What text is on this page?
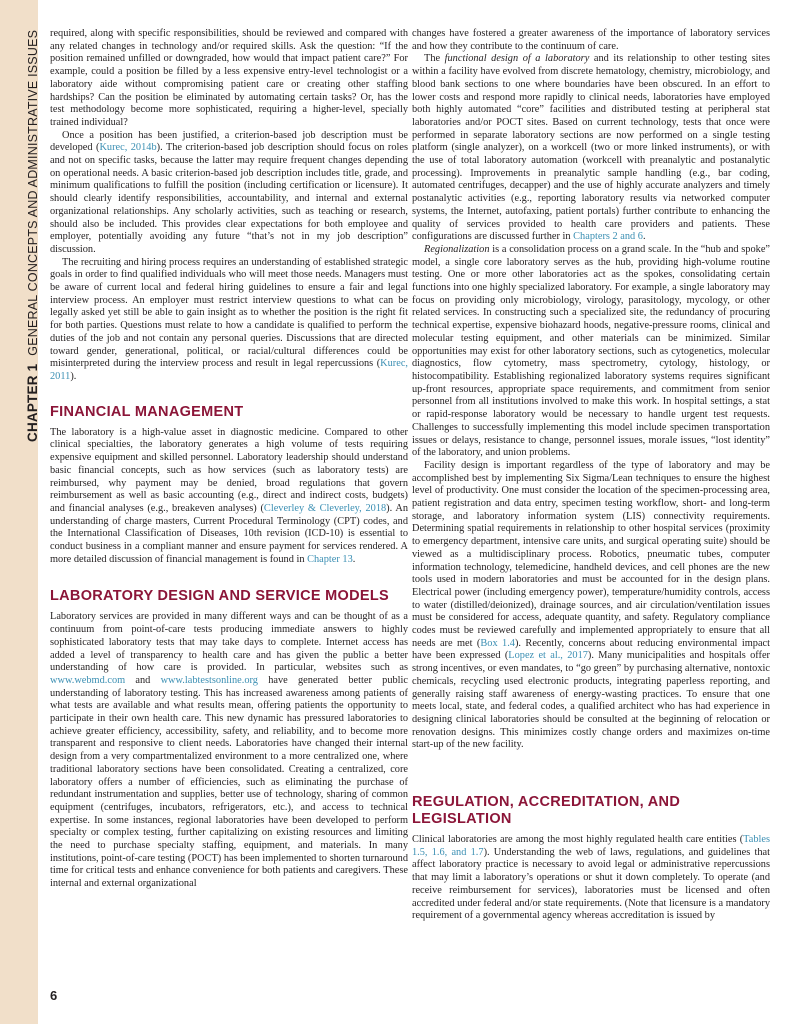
CHAPTER 1GENERAL CONCEPTS AND ADMINISTRATIVE ISSUES required, along with specific responsibilities, should be reviewed and compared with any related changes in technology and/or required skills. Ask the question: “If the position remained unfilled or downgraded, how would that impact patient care?” For example, could a position be filled by a less expensive entry-level technologist or a laboratory aide without compromising patient care or creating other staffing hardships? Can the position be eliminated by automating certain tasks? Or, has the test methodology become more sophisticated, requiring a higher-level, specially trained individual?

Once a position has been justified, a criterion-based job description must be developed (Kurec, 2014b). The criterion-based job description should focus on roles and not on specific tasks, because the latter may require frequent changes depending on operational needs. A basic criterion-based job description includes title, grade, and minimum qualifications to fulfill the position (including certification or licensure). It should clearly identify responsibilities, accountability, and internal and external organizational relationships. Any scholarly activities, such as teaching or research, should also be included. This provides clear expectations for both employee and employer, potentially avoiding any future “that’s not in my job description” discussion.

The recruiting and hiring process requires an understanding of established strategic goals in order to find qualified individuals who will meet those needs. Managers must be aware of current local and federal hiring guidelines to ensure a fair and legal interview process. An employer must restrict interview questions to what can be legally asked yet still be able to gain insight as to whether the position is the right fit for both parties. Questions must relate to how a candidate is qualified to perform the duties of the job and not contain any personal queries. Discussions that are directed toward gender, generational, political, or racial/cultural differences could be misinterpreted during the interview process and result in legal repercussions (Kurec, 2011).

FINANCIAL MANAGEMENT

The laboratory is a high-value asset in diagnostic medicine. Compared to other clinical specialties, the laboratory generates a high volume of tests requiring expensive equipment and skilled personnel. Laboratory leadership should understand basic financial concepts, such as how services (such as laboratory tests) are reimbursed, why payment may be denied, broad regulations that govern reimbursement as well as basic accounting (e.g., direct and indirect costs, budgets) and financial analyses (e.g., breakeven analyses) (Cleverley & Cleverley, 2018). An understanding of charge masters, Current Procedural Terminology (CPT) codes, and the International Classification of Diseases, 10th revision (ICD-10) is essential to conduct business in a compliant manner and ensure payment for services rendered. A more detailed discussion of financial management is found in Chapter 13.

LABORATORY DESIGN AND SERVICE MODELS

Laboratory services are provided in many different ways and can be thought of as a continuum from point-of-care tests producing immediate answers to highly sophisticated laboratory tests that may take days to complete. Internet access has added a level of transparency to health care and has given the public a better understanding of how care is provided. In particular, websites such as www.webmd.com and www.labtestsonline.org have generated better public understanding of laboratory testing. This has increased awareness among patients of what tests are available and what results mean, offering patients the opportunity to participate in their own health care. This new dynamic has pressured laboratories to achieve greater efficiency, accessibility, safety, and reliability, and to become more transparent and responsive to client needs. Laboratories have changed their internal design from a very compartmentalized environment to a more centralized one, where traditional laboratory sections have been consolidated. Creating a centralized, core laboratory offers a number of efficiencies, such as eliminating the purchase of redundant instrumentation and supplies, better use of technology, sharing of common equipment (centrifuges, incubators, refrigerators, etc.), and access to technical expertise. In some instances, regional laboratories have been developed to perform specialty or complex testing, further capitalizing on existing resources and limiting the need to purchase specialty staffing, equipment, and materials. In many institutions, point-of-care testing (POCT) has been implemented to shorten turnaround time for critical tests and enhance convenience for both patients and caregivers. These internal and external organizational

changes have fostered a greater awareness of the importance of laboratory services and how they contribute to the continuum of care.

The functional design of a laboratory and its relationship to other testing sites within a facility have evolved from discrete hematology, chemistry, microbiology, and blood bank sections to one where boundaries have been obscured. In an effort to lower costs and respond more rapidly to clinical needs, laboratories have employed both highly automated “core” facilities and distributed testing at peripheral stat laboratories and/or POCT sites. Based on current technology, tests that once were performed in separate laboratory sections are now performed on a single testing platform (single analyzer), on a workcell (two or more linked instruments), or with the use of total laboratory automation (workcell with preanalytic and postanalytic processing). Improvements in preanalytic sample handling (e.g., bar coding, automated centrifuges, decapper) and the use of highly accurate analyzers and timely postanalytic activities (e.g., reporting laboratory results via networked computer systems, the Internet, autofaxing, patient portals) further contribute to enhancing the quality of services provided to health care providers and patients. These configurations are discussed further in Chapters 2 and 6.

Regionalization is a consolidation process on a grand scale. In the “hub and spoke” model, a single core laboratory serves as the hub, providing high-volume routine testing. One or more other laboratories act as the spokes, consolidating certain functions into one highly specialized laboratory. For example, a single laboratory may focus on providing only microbiology, virology, parasitology, mycology, or other related services. In constructing such a specialized site, the redundancy of procuring technical expertise, expensive biohazard hoods, negative-pressure rooms, clinical and molecular testing equipment, and other materials can be minimized. Similar opportunities may exist for other laboratory sections, such as cytogenetics, molecular diagnostics, flow cytometry, mass spectrometry, cytology, histology, or histocompatibility. Establishing regionalized laboratory systems requires significant up-front resources, appropriate space requirements, and commitment from senior personnel from all institutions involved to make this work. In hospital settings, a stat or rapid-response laboratory would be necessary to handle urgent test requests. Challenges to successfully implementing this model include specimen transportation issues or delays, resistance to change, personnel issues, morale issues, “lost identity” of the laboratory, and union problems.

Facility design is important regardless of the type of laboratory and may be accomplished best by implementing Six Sigma/Lean techniques to ensure the highest level of productivity. One must consider the location of the specimen-processing area, patient registration and data entry, specimen testing workflow, short- and long-term storage, and laboratory information system (LIS) connectivity requirements. Determining spatial requirements in relationship to other hospital services (proximity to emergency department, intensive care units, and surgical operating suite) should be viewed as a multidisciplinary process. Robotics, pneumatic tubes, computer information technology, telemedicine, handheld devices, and cell phones are the new tools used in modern laboratories and must be accounted for in the design plans. Electrical power (including emergency power), temperature/humidity controls, access to water (distilled/deionized), drainage sources, and air circulation/ventilation issues must be considered for access, adequate quantity, and safety. Regulatory compliance codes must be reviewed carefully and implemented appropriately to ensure that all needs are met (Box 1.4). Recently, concerns about reducing environmental impact have been expressed (Lopez et al., 2017). Many municipalities and hospitals offer strong incentives, or even mandates, to “go green” by purchasing alternative, nontoxic chemicals, recycling used electronic products, integrating paperless reporting, and generally raising staff awareness of energy-wasting practices. To ensure that one meets local, state, and federal codes, a qualified architect who has had experience in designing clinical laboratories should be consulted at the beginning of relocation or renovation designs. This minimizes costly change orders and maximizes on-time start-up of the new facility.

REGULATION, ACCREDITATION, AND LEGISLATION

Clinical laboratories are among the most highly regulated health care entities (Tables 1.5, 1.6, and 1.7). Understanding the web of laws, regulations, and guidelines that affect laboratory practice is necessary to avoid legal or administrative repercussions that may limit a laboratory’s operations or shut it down completely. To operate (and receive reimbursement for services), laboratories must be licensed and often accredited under federal and/or state requirements. (Note that licensure is a mandatory requirement of a governmental agency whereas accreditation is issued by

6
